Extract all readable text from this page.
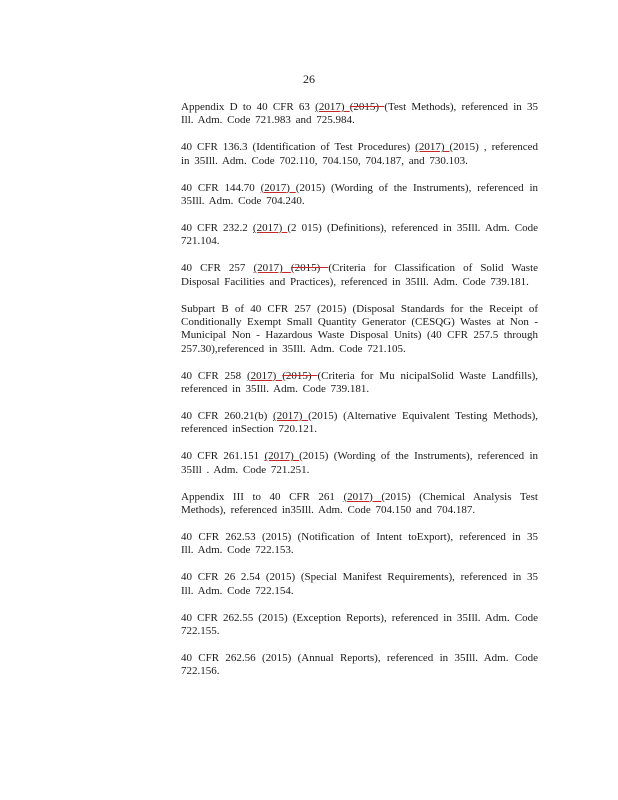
26

Appendix D to 40 CFR 63 (2017) (2015) (Test Methods), referenced in 35 Ill. Adm. Code 721.983 and 725.984.

40 CFR 136.3 (Identification of Test Procedures) (2017) (2015) , referenced in 35Ill. Adm. Code 702.110, 704.150, 704.187, and 730.103.

40 CFR 144.70 (2017) (2015) (Wording of the Instruments), referenced in 35Ill. Adm. Code 704.240.

40 CFR 232.2 (2017) (2 015) (Definitions), referenced in 35Ill. Adm. Code 721.104.

40 CFR 257 (2017) (2015) (Criteria for Classification of Solid Waste Disposal Facilities and Practices), referenced in 35Ill. Adm. Code 739.181.

Subpart B of 40 CFR 257 (2015) (Disposal Standards for the Receipt of Conditionally Exempt Small Quantity Generator (CESQG) Wastes at Non -Municipal Non - Hazardous Waste Disposal Units) (40 CFR 257.5 through 257.30),referenced in 35Ill. Adm. Code 721.105.

40 CFR 258 (2017) (2015) (Criteria for Mu nicipalSolid Waste Landfills), referenced in 35Ill. Adm. Code 739.181.

40 CFR 260.21(b) (2017) (2015) (Alternative Equivalent Testing Methods), referenced inSection 720.121.

40 CFR 261.151 (2017) (2015) (Wording of the Instruments), referenced in 35Ill . Adm. Code 721.251.

Appendix III to 40 CFR 261 (2017) (2015) (Chemical Analysis Test Methods), referenced in35Ill. Adm. Code 704.150 and 704.187.

40 CFR 262.53 (2015) (Notification of Intent toExport), referenced in 35 Ill. Adm. Code 722.153.

40 CFR 26 2.54 (2015) (Special Manifest Requirements), referenced in 35 Ill. Adm. Code 722.154.

40 CFR 262.55 (2015) (Exception Reports), referenced in 35Ill. Adm. Code 722.155.

40 CFR 262.56 (2015) (Annual Reports), referenced in 35Ill. Adm. Code 722.156.
